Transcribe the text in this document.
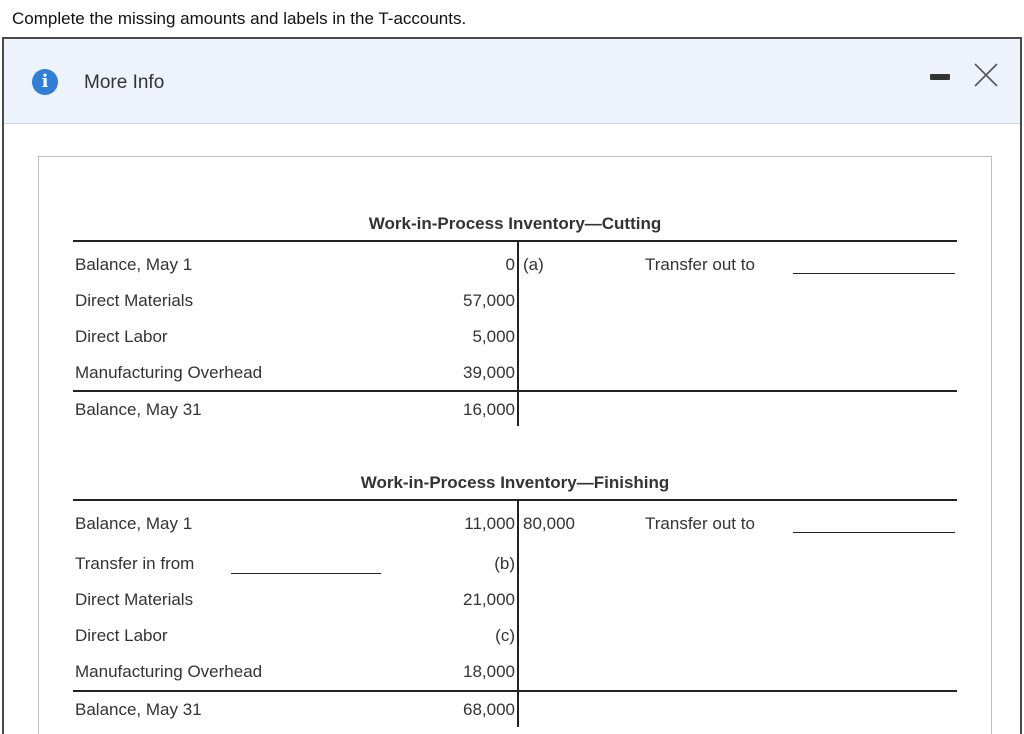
Complete the missing amounts and labels in the T-accounts.
i	More Info
Work-in-Process Inventory—Cutting
Balance, May 1	0 (a)	Transfer out to
Direct Materials	57,000
Direct Labor	5,000
Manufacturing Overhead	39,000
Balance, May 31	16,000
Work-in-Process Inventory—Finishing
Balance, May 1	11,000 80,000	Transfer out to
Transfer in from	(b)
Direct Materials	21,000
Direct Labor	(c)
Manufacturing Overhead	18,000
Balance, May 31	68,000
